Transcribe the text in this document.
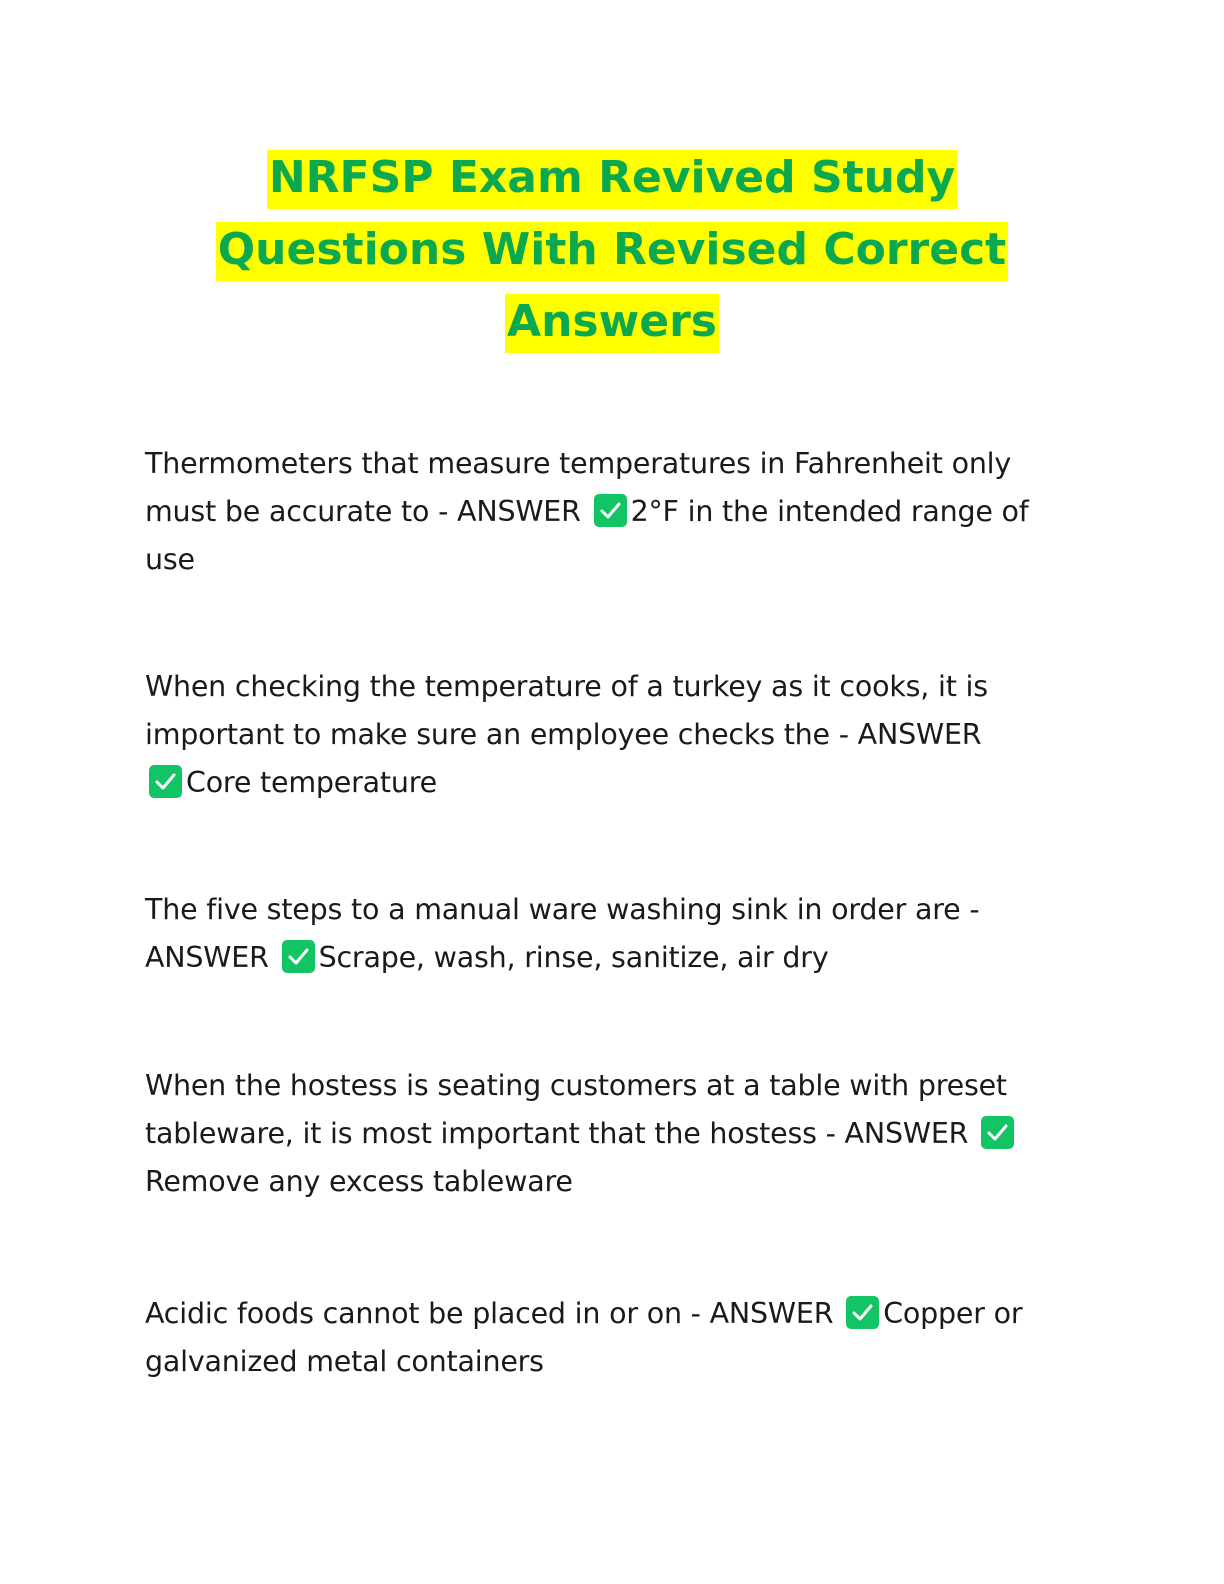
NRFSP Exam Revived Study
Questions With Revised Correct
Answers
Thermometers that measure temperatures in Fahrenheit only must be accurate to - ANSWER 2°F in the intended range of use
When checking the temperature of a turkey as it cooks, it is important to make sure an employee checks the - ANSWER
Core temperature
The five steps to a manual ware washing sink in order are - ANSWER Scrape, wash, rinse, sanitize, air dry
When the hostess is seating customers at a table with preset tableware, it is most important that the hostess - ANSWER
Remove any excess tableware
Acidic foods cannot be placed in or on - ANSWER Copper or galvanized metal containers
